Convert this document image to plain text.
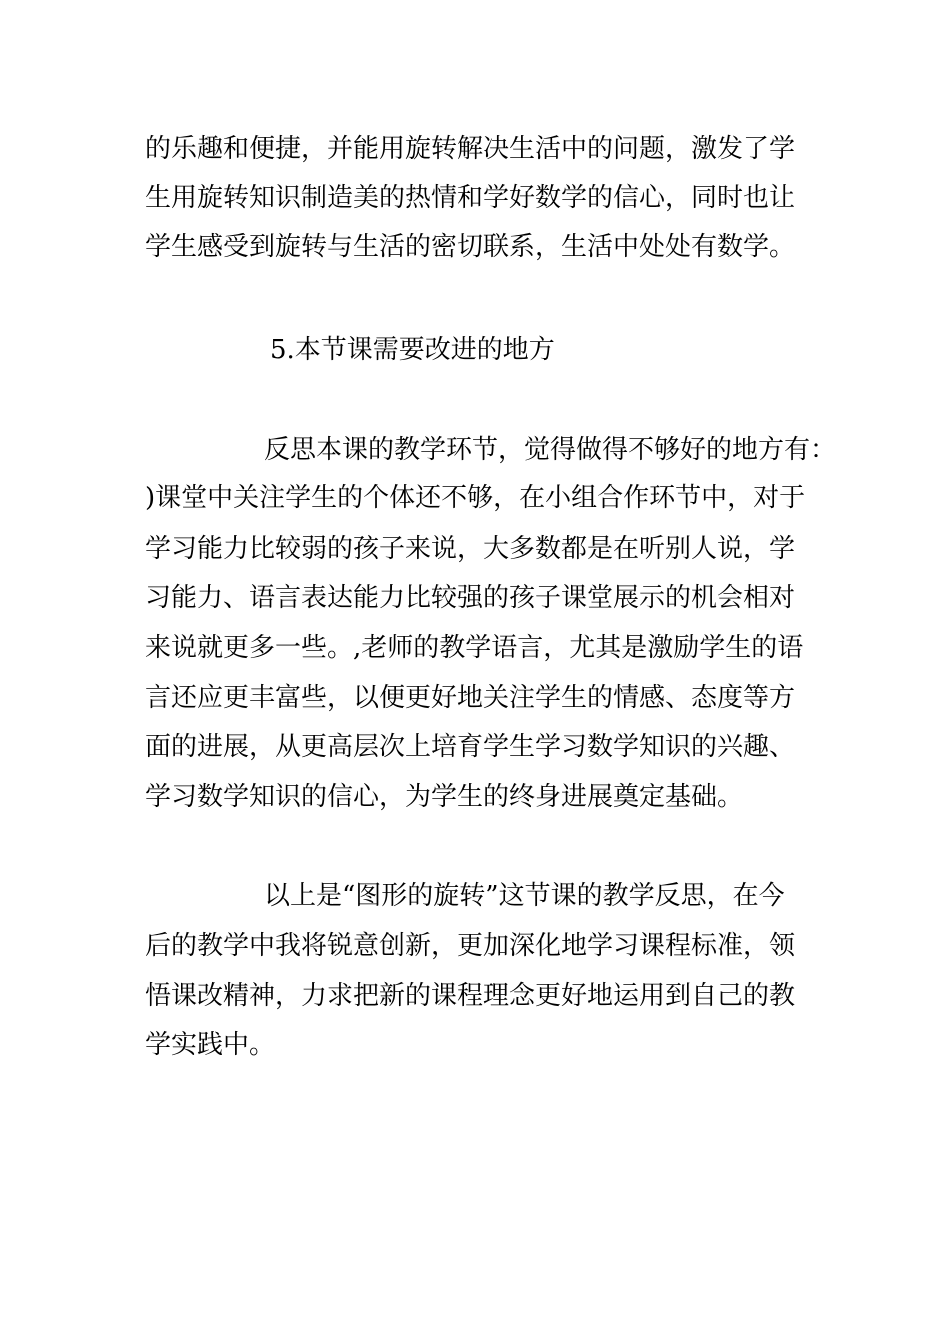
的乐趣和便捷，并能用旋转解决生活中的问题，激发了学

生用旋转知识制造美的热情和学好数学的信心，同时也让

学生感受到旋转与生活的密切联系，生活中处处有数学。

5.本节课需要改进的地方

反思本课的教学环节，觉得做得不够好的地方有：

)课堂中关注学生的个体还不够，在小组合作环节中，对于

学习能力比较弱的孩子来说，大多数都是在听别人说，学

习能力、语言表达能力比较强的孩子课堂展示的机会相对

来说就更多一些。,老师的教学语言，尤其是激励学生的语

言还应更丰富些，以便更好地关注学生的情感、态度等方

面的进展，从更高层次上培育学生学习数学知识的兴趣、

学习数学知识的信心，为学生的终身进展奠定基础。

以上是“图形的旋转”这节课的教学反思，在今

后的教学中我将锐意创新，更加深化地学习课程标准，领

悟课改精神，力求把新的课程理念更好地运用到自己的教

学实践中。
